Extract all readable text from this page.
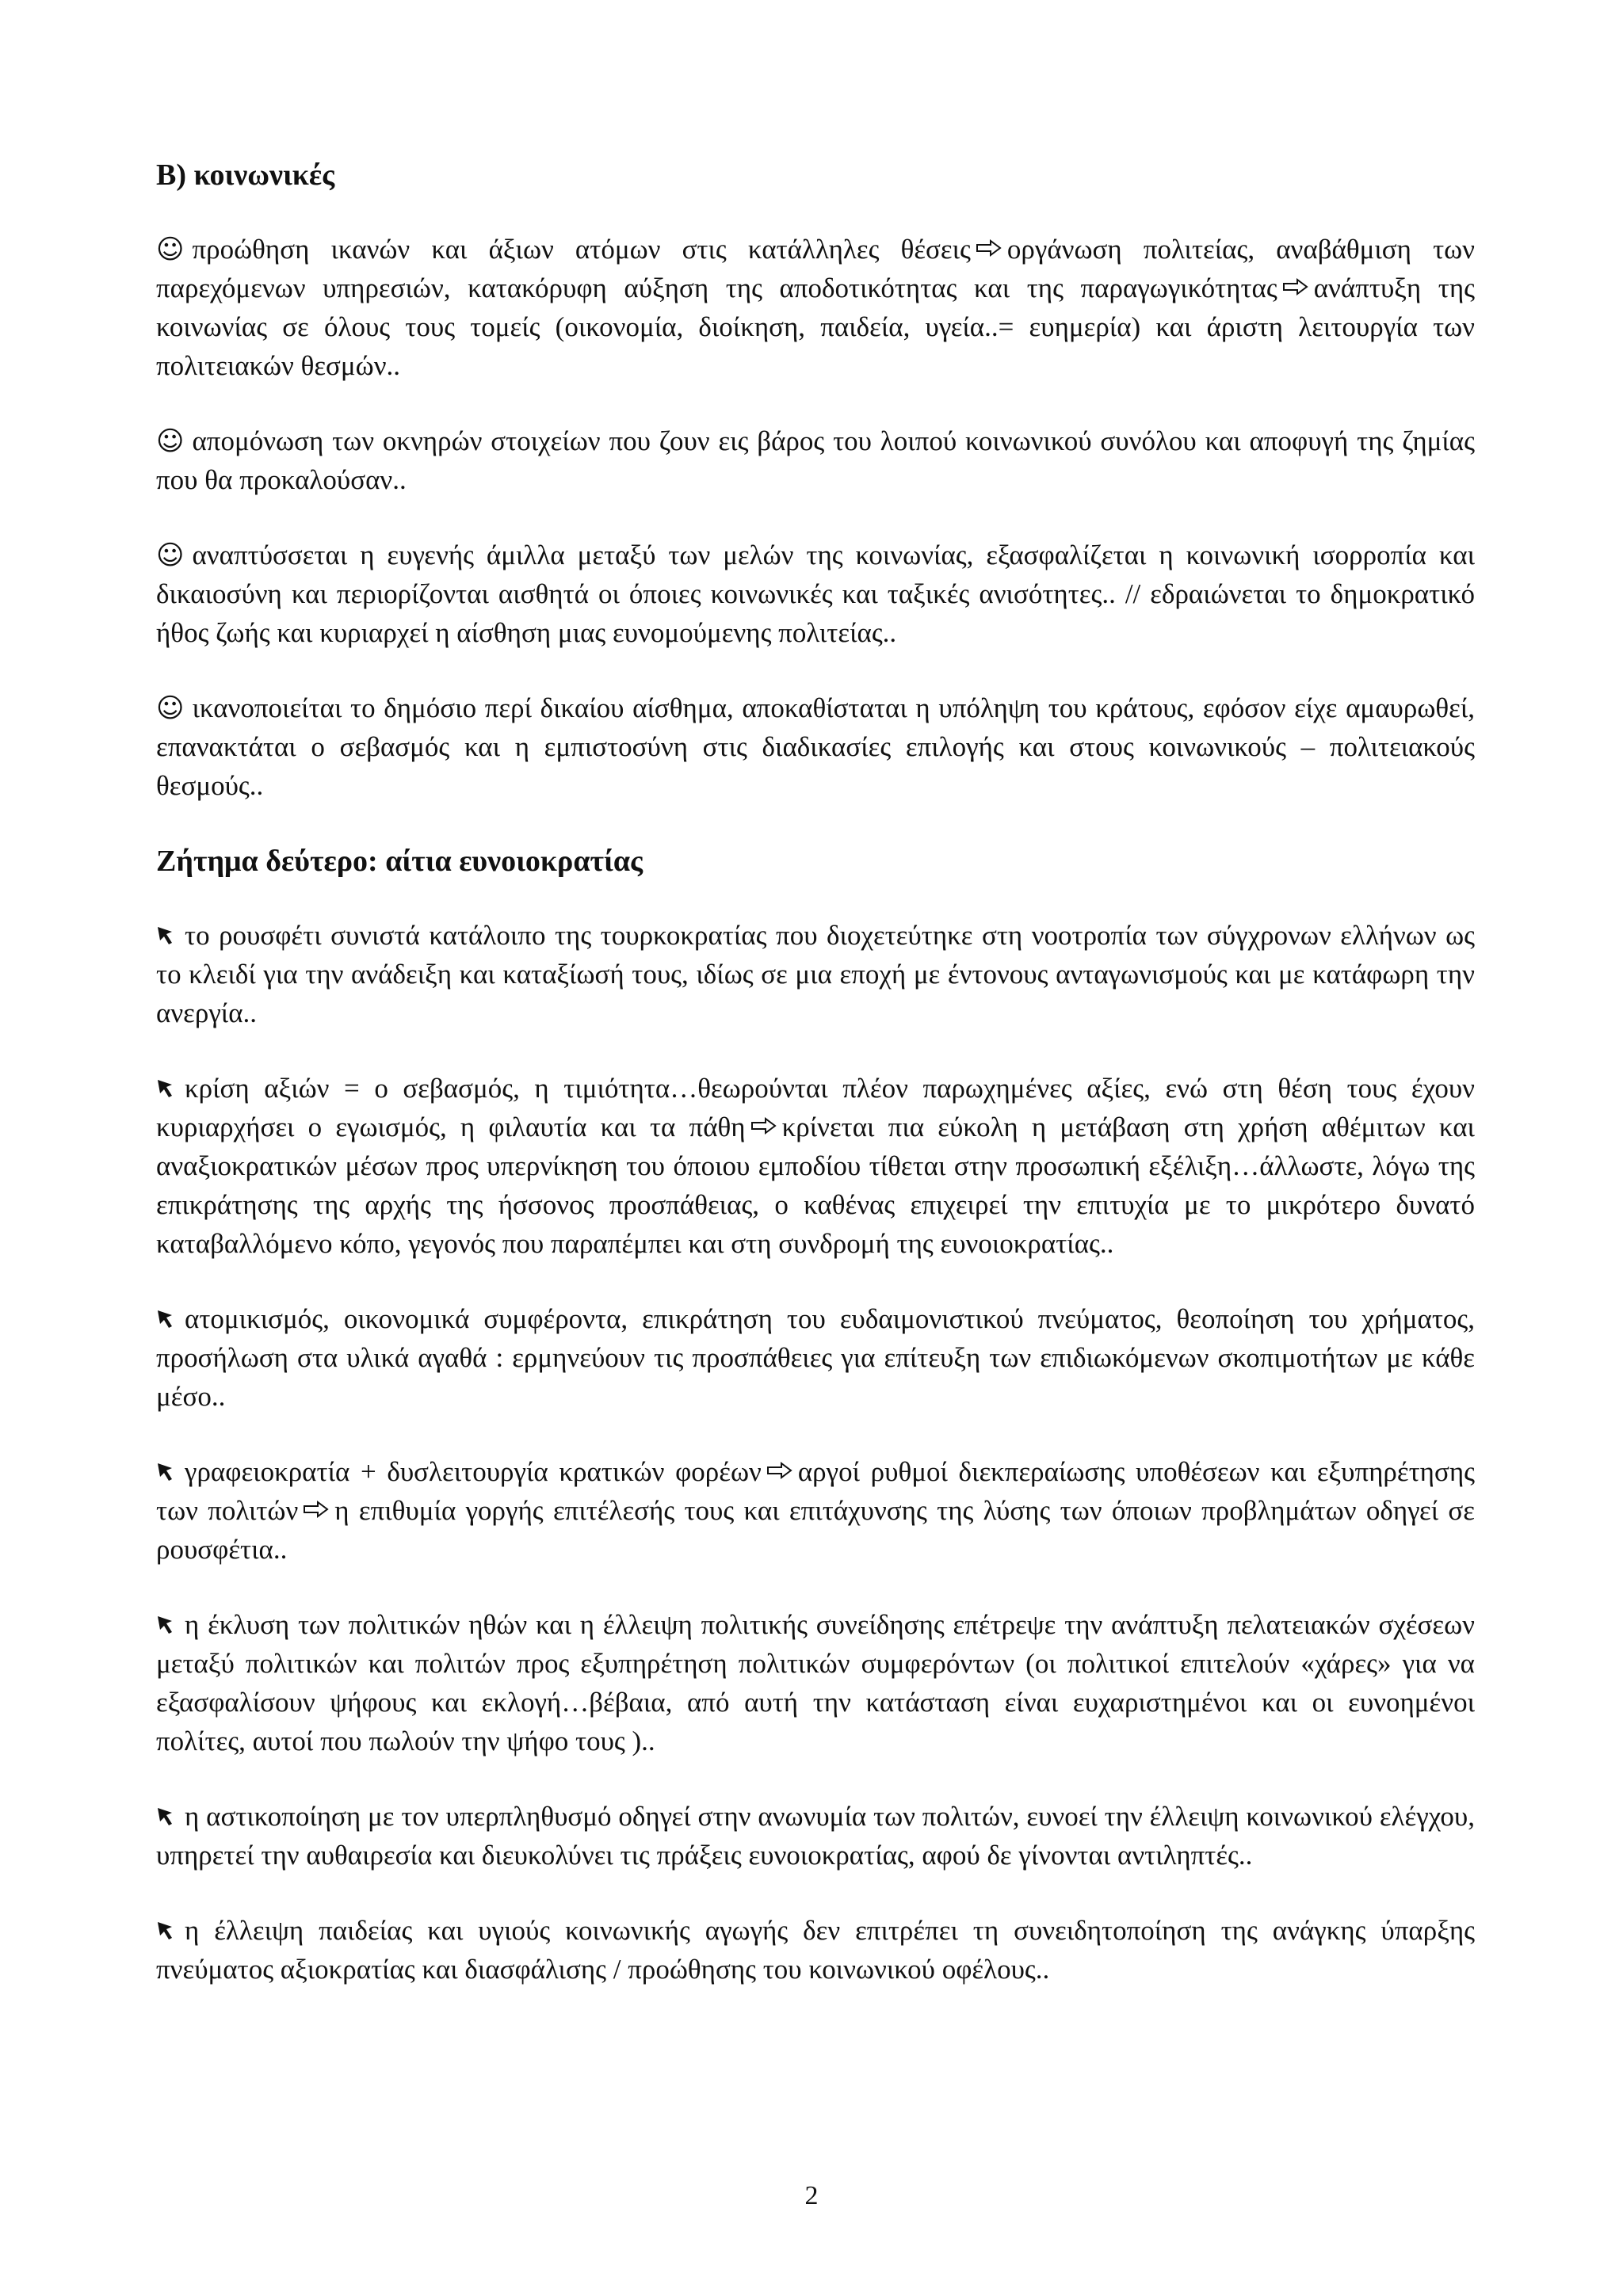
Β) κοινωνικές
☺ προώθηση ικανών και άξιων ατόμων στις κατάλληλες θέσεις οργάνωση πολιτείας, αναβάθμιση των παρεχόμενων υπηρεσιών, κατακόρυφη αύξηση της αποδοτικότητας και της παραγωγικότητας ανάπτυξη της κοινωνίας σε όλους τους τομείς (οικονομία, διοίκηση, παιδεία, υγεία..= ευημερία) και άριστη λειτουργία των πολιτειακών θεσμών..
☺ απομόνωση των οκνηρών στοιχείων που ζουν εις βάρος του λοιπού κοινωνικού συνόλου και αποφυγή της ζημίας που θα προκαλούσαν..
☺ αναπτύσσεται η ευγενής άμιλλα μεταξύ των μελών της κοινωνίας, εξασφαλίζεται η κοινωνική ισορροπία και δικαιοσύνη και περιορίζονται αισθητά οι όποιες κοινωνικές και ταξικές ανισότητες.. // εδραιώνεται το δημοκρατικό ήθος ζωής και κυριαρχεί η αίσθηση μιας ευνομούμενης πολιτείας..
☺ ικανοποιείται το δημόσιο περί δικαίου αίσθημα, αποκαθίσταται η υπόληψη του κράτους, εφόσον είχε αμαυρωθεί, επανακτάται ο σεβασμός και η εμπιστοσύνη στις διαδικασίες επιλογής και στους κοινωνικούς – πολιτειακούς θεσμούς..
Ζήτημα δεύτερο: αίτια ευνοιοκρατίας
το ρουσφέτι συνιστά κατάλοιπο της τουρκοκρατίας που διοχετεύτηκε στη νοοτροπία των σύγχρονων ελλήνων ως το κλειδί για την ανάδειξη και καταξίωσή τους, ιδίως σε μια εποχή με έντονους ανταγωνισμούς και με κατάφωρη την ανεργία..
κρίση αξιών = ο σεβασμός, η τιμιότητα…θεωρούνται πλέον παρωχημένες αξίες, ενώ στη θέση τους έχουν κυριαρχήσει ο εγωισμός, η φιλαυτία και τα πάθη κρίνεται πια εύκολη η μετάβαση στη χρήση αθέμιτων και αναξιοκρατικών μέσων προς υπερνίκηση του όποιου εμποδίου τίθεται στην προσωπική εξέλιξη…άλλωστε, λόγω της επικράτησης της αρχής της ήσσονος προσπάθειας, ο καθένας επιχειρεί την επιτυχία με το μικρότερο δυνατό καταβαλλόμενο κόπο, γεγονός που παραπέμπει και στη συνδρομή της ευνοιοκρατίας..
ατομικισμός, οικονομικά συμφέροντα, επικράτηση του ευδαιμονιστικού πνεύματος, θεοποίηση του χρήματος, προσήλωση στα υλικά αγαθά : ερμηνεύουν τις προσπάθειες για επίτευξη των επιδιωκόμενων σκοπιμοτήτων με κάθε μέσο..
γραφειοκρατία + δυσλειτουργία κρατικών φορέων αργοί ρυθμοί διεκπεραίωσης υποθέσεων και εξυπηρέτησης των πολιτών η επιθυμία γοργής επιτέλεσής τους και επιτάχυνσης της λύσης των όποιων προβλημάτων οδηγεί σε ρουσφέτια..
η έκλυση των πολιτικών ηθών και η έλλειψη πολιτικής συνείδησης επέτρεψε την ανάπτυξη πελατειακών σχέσεων μεταξύ πολιτικών και πολιτών προς εξυπηρέτηση πολιτικών συμφερόντων (οι πολιτικοί επιτελούν «χάρες» για να εξασφαλίσουν ψήφους και εκλογή…βέβαια, από αυτή την κατάσταση είναι ευχαριστημένοι και οι ευνοημένοι πολίτες, αυτοί που πωλούν την ψήφο τους )..
η αστικοποίηση με τον υπερπληθυσμό οδηγεί στην ανωνυμία των πολιτών, ευνοεί την έλλειψη κοινωνικού ελέγχου, υπηρετεί την αυθαιρεσία και διευκολύνει τις πράξεις ευνοιοκρατίας, αφού δε γίνονται αντιληπτές..
η έλλειψη παιδείας και υγιούς κοινωνικής αγωγής δεν επιτρέπει τη συνειδητοποίηση της ανάγκης ύπαρξης πνεύματος αξιοκρατίας και διασφάλισης / προώθησης του κοινωνικού οφέλους..
2
